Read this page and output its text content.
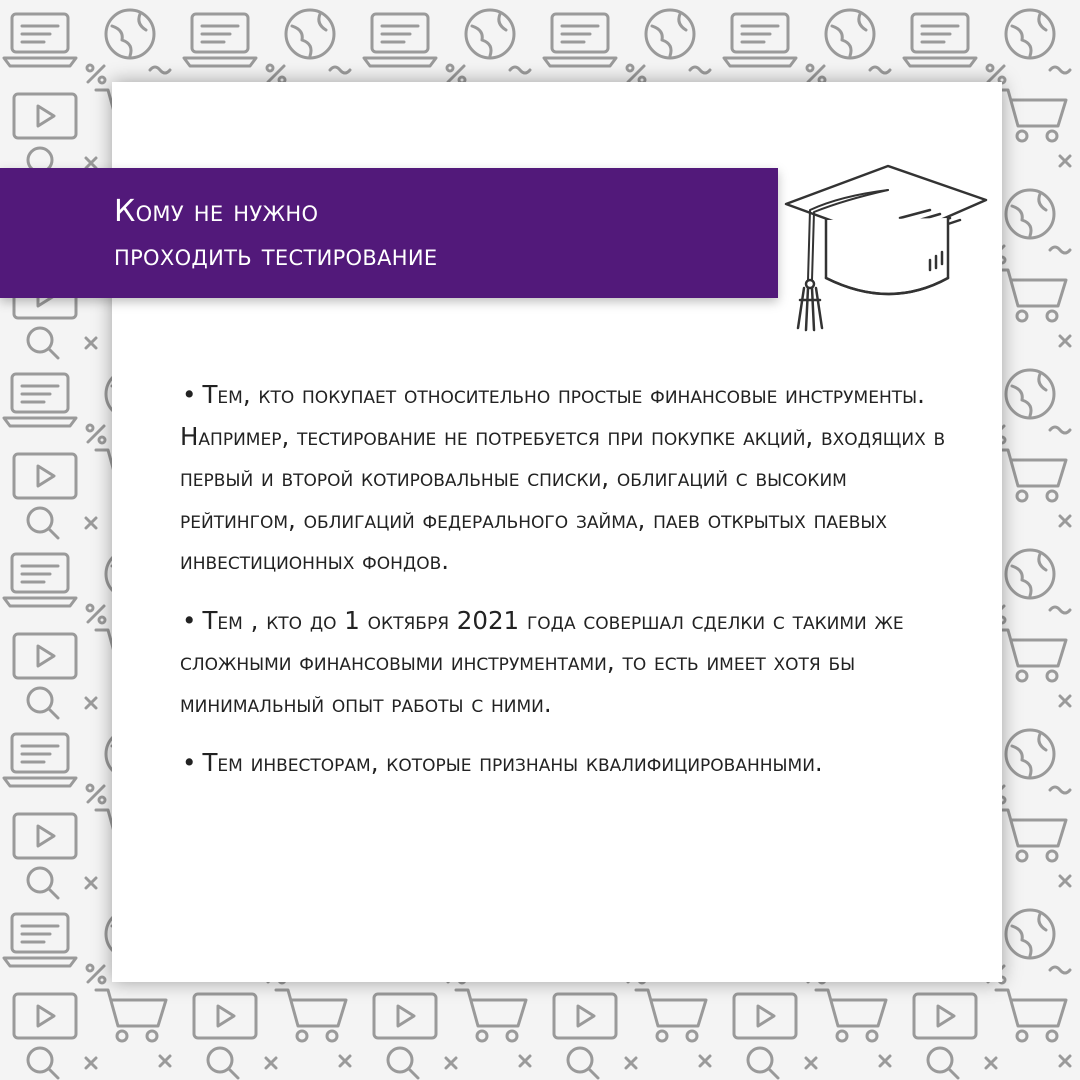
Кому не нужно
проходить тестирование

• Тем, кто покупает относительно простые финансовые инструменты. Например, тестирование не потребуется при покупке акций, входящих в первый и второй котировальные списки, облигаций с высоким рейтингом, облигаций федерального займа, паев открытых паевых инвестиционных фондов.

• Тем , кто до 1 октября 2021 года совершал сделки с такими же сложными финансовыми инструментами, то есть имеет хотя бы минимальный опыт работы с ними.

• Тем инвесторам, которые признаны квалифицированными.
